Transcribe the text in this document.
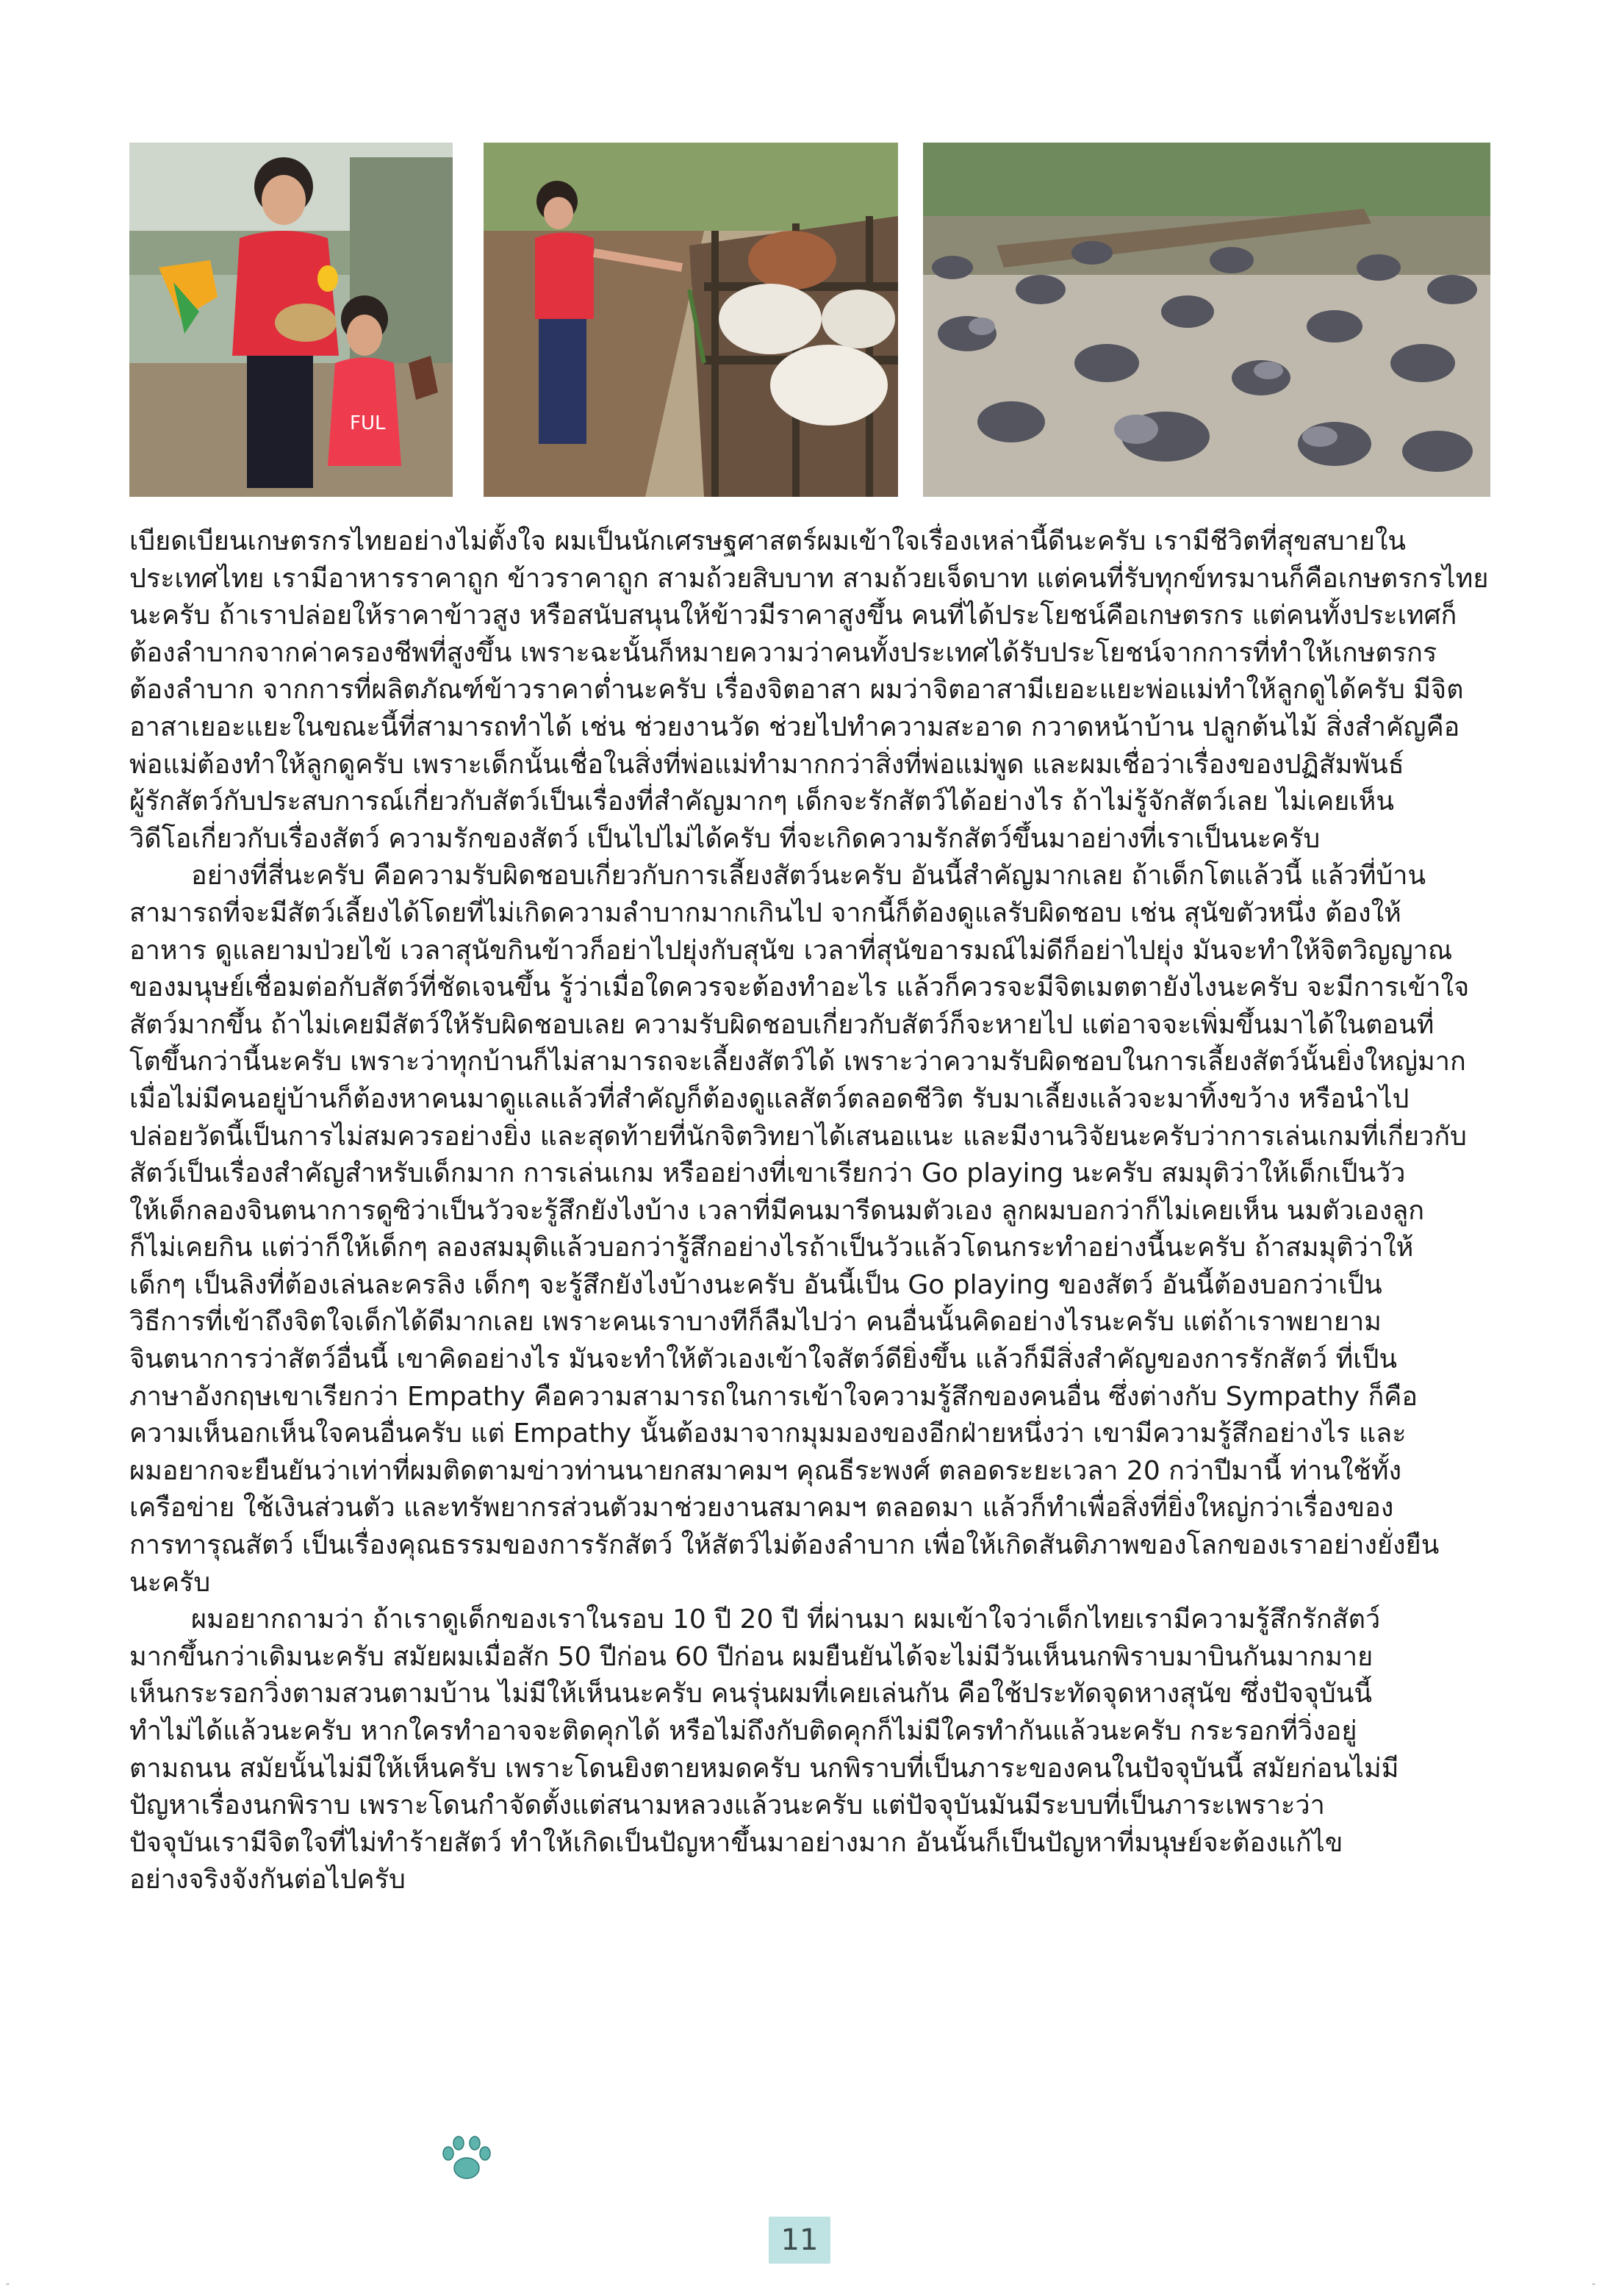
FUL
เบียดเบียนเกษตรกรไทยอย่างไม่ตั้งใจ ผมเป็นนักเศรษฐศาสตร์ผมเข้าใจเรื่องเหล่านี้ดีนะครับ เรามีชีวิตที่สุขสบายใน
ประเทศไทย เรามีอาหารราคาถูก ข้าวราคาถูก สามถ้วยสิบบาท สามถ้วยเจ็ดบาท แต่คนที่รับทุกข์ทรมานก็คือเกษตรกรไทย
นะครับ ถ้าเราปล่อยให้ราคาข้าวสูง หรือสนับสนุนให้ข้าวมีราคาสูงขึ้น คนที่ได้ประโยชน์คือเกษตรกร แต่คนทั้งประเทศก็
ต้องลำบากจากค่าครองชีพที่สูงขึ้น เพราะฉะนั้นก็หมายความว่าคนทั้งประเทศได้รับประโยชน์จากการที่ทำให้เกษตรกร
ต้องลำบาก จากการที่ผลิตภัณฑ์ข้าวราคาต่ำนะครับ เรื่องจิตอาสา ผมว่าจิตอาสามีเยอะแยะพ่อแม่ทำให้ลูกดูได้ครับ มีจิต
อาสาเยอะแยะในขณะนี้ที่สามารถทำได้ เช่น ช่วยงานวัด ช่วยไปทำความสะอาด กวาดหน้าบ้าน ปลูกต้นไม้ สิ่งสำคัญคือ
พ่อแม่ต้องทำให้ลูกดูครับ เพราะเด็กนั้นเชื่อในสิ่งที่พ่อแม่ทำมากกว่าสิ่งที่พ่อแม่พูด และผมเชื่อว่าเรื่องของปฏิสัมพันธ์
ผู้รักสัตว์กับประสบการณ์เกี่ยวกับสัตว์เป็นเรื่องที่สำคัญมากๆ เด็กจะรักสัตว์ได้อย่างไร ถ้าไม่รู้จักสัตว์เลย ไม่เคยเห็น
วิดีโอเกี่ยวกับเรื่องสัตว์ ความรักของสัตว์ เป็นไปไม่ได้ครับ ที่จะเกิดความรักสัตว์ขึ้นมาอย่างที่เราเป็นนะครับ
อย่างที่สี่นะครับ คือความรับผิดชอบเกี่ยวกับการเลี้ยงสัตว์นะครับ อันนี้สำคัญมากเลย ถ้าเด็กโตแล้วนี้ แล้วที่บ้าน
สามารถที่จะมีสัตว์เลี้ยงได้โดยที่ไม่เกิดความลำบากมากเกินไป จากนี้ก็ต้องดูแลรับผิดชอบ เช่น สุนัขตัวหนึ่ง ต้องให้
อาหาร ดูแลยามป่วยไข้ เวลาสุนัขกินข้าวก็อย่าไปยุ่งกับสุนัข เวลาที่สุนัขอารมณ์ไม่ดีก็อย่าไปยุ่ง มันจะทำให้จิตวิญญาณ
ของมนุษย์เชื่อมต่อกับสัตว์ที่ชัดเจนขึ้น รู้ว่าเมื่อใดควรจะต้องทำอะไร แล้วก็ควรจะมีจิตเมตตายังไงนะครับ จะมีการเข้าใจ
สัตว์มากขึ้น ถ้าไม่เคยมีสัตว์ให้รับผิดชอบเลย ความรับผิดชอบเกี่ยวกับสัตว์ก็จะหายไป แต่อาจจะเพิ่มขึ้นมาได้ในตอนที่
โตขึ้นกว่านี้นะครับ เพราะว่าทุกบ้านก็ไม่สามารถจะเลี้ยงสัตว์ได้ เพราะว่าความรับผิดชอบในการเลี้ยงสัตว์นั้นยิ่งใหญ่มาก
เมื่อไม่มีคนอยู่บ้านก็ต้องหาคนมาดูแลแล้วที่สำคัญก็ต้องดูแลสัตว์ตลอดชีวิต รับมาเลี้ยงแล้วจะมาทิ้งขว้าง หรือนำไป
ปล่อยวัดนี้เป็นการไม่สมควรอย่างยิ่ง และสุดท้ายที่นักจิตวิทยาได้เสนอแนะ และมีงานวิจัยนะครับว่าการเล่นเกมที่เกี่ยวกับ
สัตว์เป็นเรื่องสำคัญสำหรับเด็กมาก การเล่นเกม หรืออย่างที่เขาเรียกว่า Go playing นะครับ สมมุติว่าให้เด็กเป็นวัว
ให้เด็กลองจินตนาการดูซิว่าเป็นวัวจะรู้สึกยังไงบ้าง เวลาที่มีคนมารีดนมตัวเอง ลูกผมบอกว่าก็ไม่เคยเห็น นมตัวเองลูก
ก็ไม่เคยกิน แต่ว่าก็ให้เด็กๆ ลองสมมุติแล้วบอกว่ารู้สึกอย่างไรถ้าเป็นวัวแล้วโดนกระทำอย่างนี้นะครับ ถ้าสมมุติว่าให้
เด็กๆ เป็นลิงที่ต้องเล่นละครลิง เด็กๆ จะรู้สึกยังไงบ้างนะครับ อันนี้เป็น Go playing ของสัตว์ อันนี้ต้องบอกว่าเป็น
วิธีการที่เข้าถึงจิตใจเด็กได้ดีมากเลย เพราะคนเราบางทีก็ลืมไปว่า คนอื่นนั้นคิดอย่างไรนะครับ แต่ถ้าเราพยายาม
จินตนาการว่าสัตว์อื่นนี้ เขาคิดอย่างไร มันจะทำให้ตัวเองเข้าใจสัตว์ดียิ่งขึ้น แล้วก็มีสิ่งสำคัญของการรักสัตว์ ที่เป็น
ภาษาอังกฤษเขาเรียกว่า Empathy คือความสามารถในการเข้าใจความรู้สึกของคนอื่น ซึ่งต่างกับ Sympathy ก็คือ
ความเห็นอกเห็นใจคนอื่นครับ แต่ Empathy นั้นต้องมาจากมุมมองของอีกฝ่ายหนึ่งว่า เขามีความรู้สึกอย่างไร และ
ผมอยากจะยืนยันว่าเท่าที่ผมติดตามข่าวท่านนายกสมาคมฯ คุณธีระพงศ์ ตลอดระยะเวลา 20 กว่าปีมานี้ ท่านใช้ทั้ง
เครือข่าย ใช้เงินส่วนตัว และทรัพยากรส่วนตัวมาช่วยงานสมาคมฯ ตลอดมา แล้วก็ทำเพื่อสิ่งที่ยิ่งใหญ่กว่าเรื่องของ
การทารุณสัตว์ เป็นเรื่องคุณธรรมของการรักสัตว์ ให้สัตว์ไม่ต้องลำบาก เพื่อให้เกิดสันติภาพของโลกของเราอย่างยั่งยืน
นะครับ
ผมอยากถามว่า ถ้าเราดูเด็กของเราในรอบ 10 ปี 20 ปี ที่ผ่านมา ผมเข้าใจว่าเด็กไทยเรามีความรู้สึกรักสัตว์
มากขึ้นกว่าเดิมนะครับ สมัยผมเมื่อสัก 50 ปีก่อน 60 ปีก่อน ผมยืนยันได้จะไม่มีวันเห็นนกพิราบมาบินกันมากมาย
เห็นกระรอกวิ่งตามสวนตามบ้าน ไม่มีให้เห็นนะครับ คนรุ่นผมที่เคยเล่นกัน คือใช้ประทัดจุดหางสุนัข ซึ่งปัจจุบันนี้
ทำไม่ได้แล้วนะครับ หากใครทำอาจจะติดคุกได้ หรือไม่ถึงกับติดคุกก็ไม่มีใครทำกันแล้วนะครับ กระรอกที่วิ่งอยู่
ตามถนน สมัยนั้นไม่มีให้เห็นครับ เพราะโดนยิงตายหมดครับ นกพิราบที่เป็นภาระของคนในปัจจุบันนี้ สมัยก่อนไม่มี
ปัญหาเรื่องนกพิราบ เพราะโดนกำจัดตั้งแต่สนามหลวงแล้วนะครับ แต่ปัจจุบันมันมีระบบที่เป็นภาระเพราะว่า
ปัจจุบันเรามีจิตใจที่ไม่ทำร้ายสัตว์ ทำให้เกิดเป็นปัญหาขึ้นมาอย่างมาก อันนั้นก็เป็นปัญหาที่มนุษย์จะต้องแก้ไข
อย่างจริงจังกันต่อไปครับ
11
-	-
